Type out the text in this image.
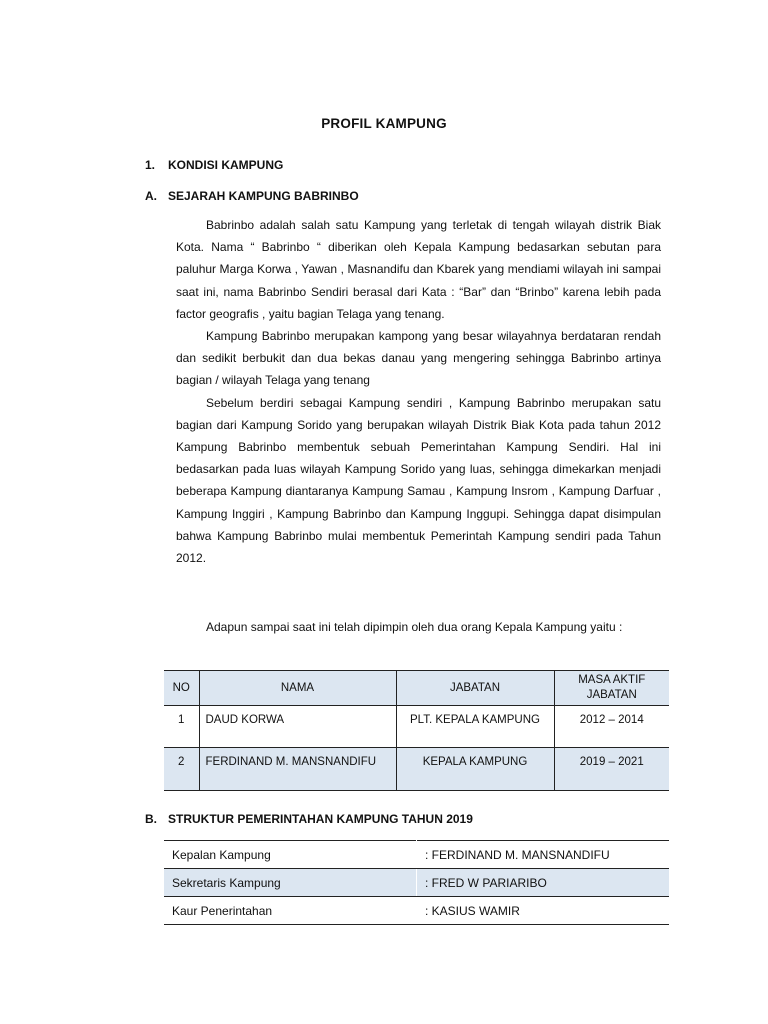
PROFIL KAMPUNG
1. KONDISI KAMPUNG
A. SEJARAH KAMPUNG BABRINBO

Babrinbo adalah salah satu Kampung yang terletak di tengah wilayah distrik Biak Kota. Nama “ Babrinbo “ diberikan oleh Kepala Kampung bedasarkan sebutan para paluhur Marga Korwa , Yawan , Masnandifu dan Kbarek yang mendiami wilayah ini sampai saat ini, nama Babrinbo Sendiri berasal dari Kata : “Bar” dan “Brinbo” karena lebih pada factor geografis , yaitu bagian Telaga yang tenang.

Kampung Babrinbo merupakan kampong yang besar wilayahnya berdataran rendah dan sedikit berbukit dan dua bekas danau yang mengering sehingga Babrinbo artinya bagian / wilayah Telaga yang tenang

Sebelum berdiri sebagai Kampung sendiri , Kampung Babrinbo merupakan satu bagian dari Kampung Sorido yang berupakan wilayah Distrik Biak Kota pada tahun 2012 Kampung Babrinbo membentuk sebuah Pemerintahan Kampung Sendiri. Hal ini bedasarkan pada luas wilayah Kampung Sorido yang luas, sehingga dimekarkan menjadi beberapa Kampung diantaranya Kampung Samau , Kampung Insrom , Kampung Darfuar , Kampung Inggiri , Kampung Babrinbo dan Kampung Inggupi. Sehingga dapat disimpulan bahwa Kampung Babrinbo mulai membentuk Pemerintah Kampung sendiri pada Tahun 2012.

Adapun sampai saat ini telah dipimpin oleh dua orang Kepala Kampung yaitu :

NO	NAMA	JABATAN	MASA AKTIF JABATAN
1	DAUD KORWA	PLT. KEPALA KAMPUNG	2012 – 2014
2	FERDINAND M. MANSNANDIFU	KEPALA KAMPUNG	2019 – 2021
B. STRUKTUR PEMERINTAHAN KAMPUNG TAHUN 2019
Kepalan Kampung	: FERDINAND M. MANSNANDIFU
Sekretaris Kampung	: FRED W PARIARIBO
Kaur Penerintahan	: KASIUS WAMIR
